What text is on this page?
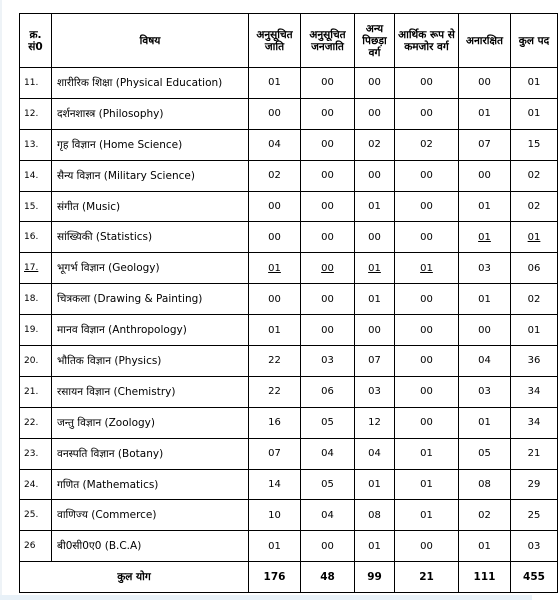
क्र. सं0	विषय	अनुसूचित जाति	अनुसूचित जनजाति	अन्य पिछड़ा वर्ग	आर्थिक रूप से कमजोर वर्ग	अनारक्षित	कुल पद
11.	शारीरिक शिक्षा (Physical Education)	01	00	00	00	00	01
12.	दर्शनशास्त्र (Philosophy)	00	00	00	00	01	01
13.	गृह विज्ञान (Home Science)	04	00	02	02	07	15
14.	सैन्य विज्ञान (Military Science)	02	00	00	00	00	02
15.	संगीत (Music)	00	00	01	00	01	02
16.	सांख्यिकी (Statistics)	00	00	00	00	01	01
17.	भूगर्भ विज्ञान (Geology)	01	00	01	01	03	06
18.	चित्रकला (Drawing & Painting)	00	00	01	00	01	02
19.	मानव विज्ञान (Anthropology)	01	00	00	00	00	01
20.	भौतिक विज्ञान (Physics)	22	03	07	00	04	36
21.	रसायन विज्ञान (Chemistry)	22	06	03	00	03	34
22.	जन्तु विज्ञान (Zoology)	16	05	12	00	01	34
23.	वनस्पति विज्ञान (Botany)	07	04	04	01	05	21
24.	गणित (Mathematics)	14	05	01	01	08	29
25.	वाणिज्य (Commerce)	10	04	08	01	02	25
26	बी0सी0ए0 (B.C.A)	01	00	01	00	01	03
कुल योग		176	48	99	21	111	455
